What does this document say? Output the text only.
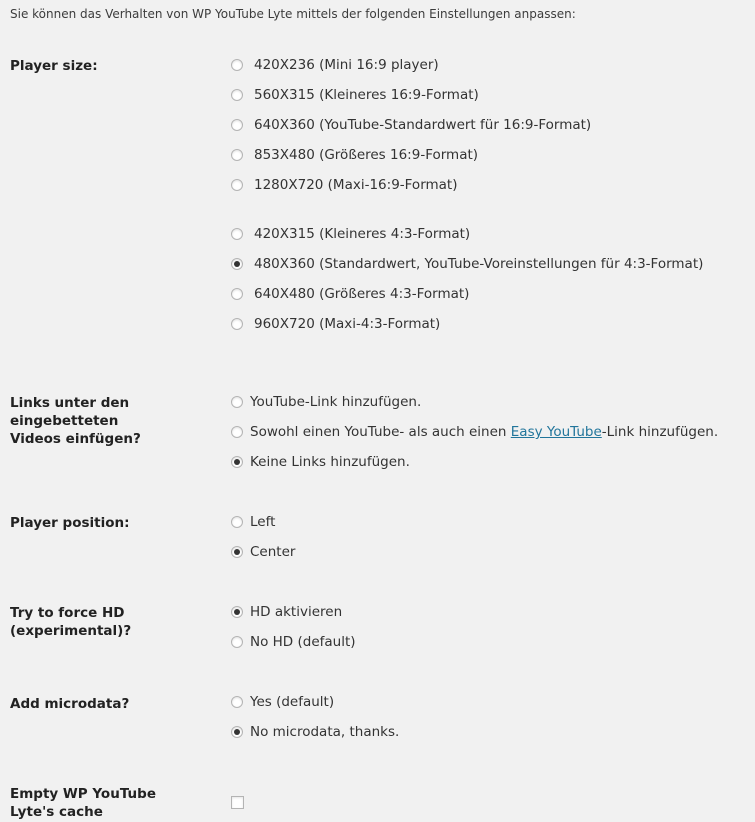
Sie können das Verhalten von WP YouTube Lyte mittels der folgenden Einstellungen anpassen:
Player size:	420X236 (Mini 16:9 player)
560X315 (Kleineres 16:9-Format)
640X360 (YouTube-Standardwert für 16:9-Format)
853X480 (Größeres 16:9-Format)
1280X720 (Maxi-16:9-Format)
420X315 (Kleineres 4:3-Format)
480X360 (Standardwert, YouTube-Voreinstellungen für 4:3-Format)
640X480 (Größeres 4:3-Format)
960X720 (Maxi-4:3-Format)
Links unter den eingebetteten Videos einfügen?
YouTube-Link hinzufügen.
Sowohl einen YouTube- als auch einen Easy YouTube-Link hinzufügen.
Keine Links hinzufügen.
Player position:	Left
Center
Try to force HD (experimental)?
HD aktivieren
No HD (default)
Add microdata?	Yes (default)
No microdata, thanks.
Empty WP YouTube Lyte's cache
